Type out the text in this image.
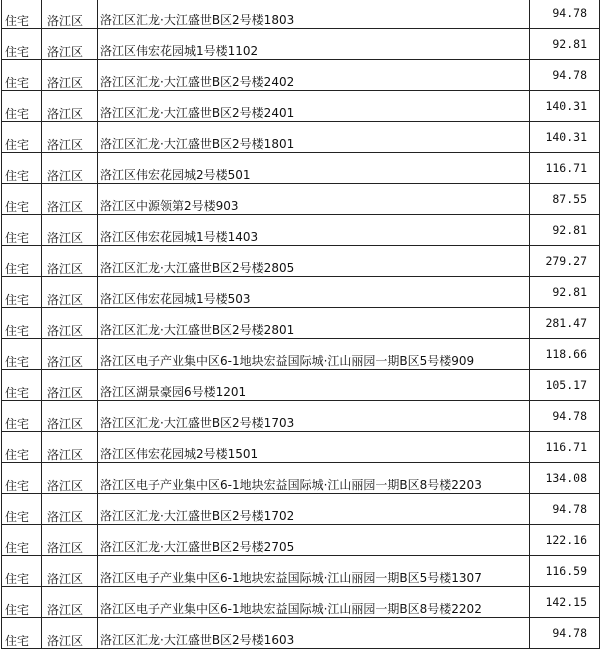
住宅	洛江区	洛江区汇龙·大江盛世B区2号楼1803	94.78
住宅	洛江区	洛江区伟宏花园城1号楼1102	92.81
住宅	洛江区	洛江区汇龙·大江盛世B区2号楼2402	94.78
住宅	洛江区	洛江区汇龙·大江盛世B区2号楼2401	140.31
住宅	洛江区	洛江区汇龙·大江盛世B区2号楼1801	140.31
住宅	洛江区	洛江区伟宏花园城2号楼501	116.71
住宅	洛江区	洛江区中源领第2号楼903	87.55
住宅	洛江区	洛江区伟宏花园城1号楼1403	92.81
住宅	洛江区	洛江区汇龙·大江盛世B区2号楼2805	279.27
住宅	洛江区	洛江区伟宏花园城1号楼503	92.81
住宅	洛江区	洛江区汇龙·大江盛世B区2号楼2801	281.47
住宅	洛江区	洛江区电子产业集中区6-1地块宏益国际城·江山丽园一期B区5号楼909	118.66
住宅	洛江区	洛江区湖景豪园6号楼1201	105.17
住宅	洛江区	洛江区汇龙·大江盛世B区2号楼1703	94.78
住宅	洛江区	洛江区伟宏花园城2号楼1501	116.71
住宅	洛江区	洛江区电子产业集中区6-1地块宏益国际城·江山丽园一期B区8号楼2203	134.08
住宅	洛江区	洛江区汇龙·大江盛世B区2号楼1702	94.78
住宅	洛江区	洛江区汇龙·大江盛世B区2号楼2705	122.16
住宅	洛江区	洛江区电子产业集中区6-1地块宏益国际城·江山丽园一期B区5号楼1307	116.59
住宅	洛江区	洛江区电子产业集中区6-1地块宏益国际城·江山丽园一期B区8号楼2202	142.15
住宅	洛江区	洛江区汇龙·大江盛世B区2号楼1603	94.78
